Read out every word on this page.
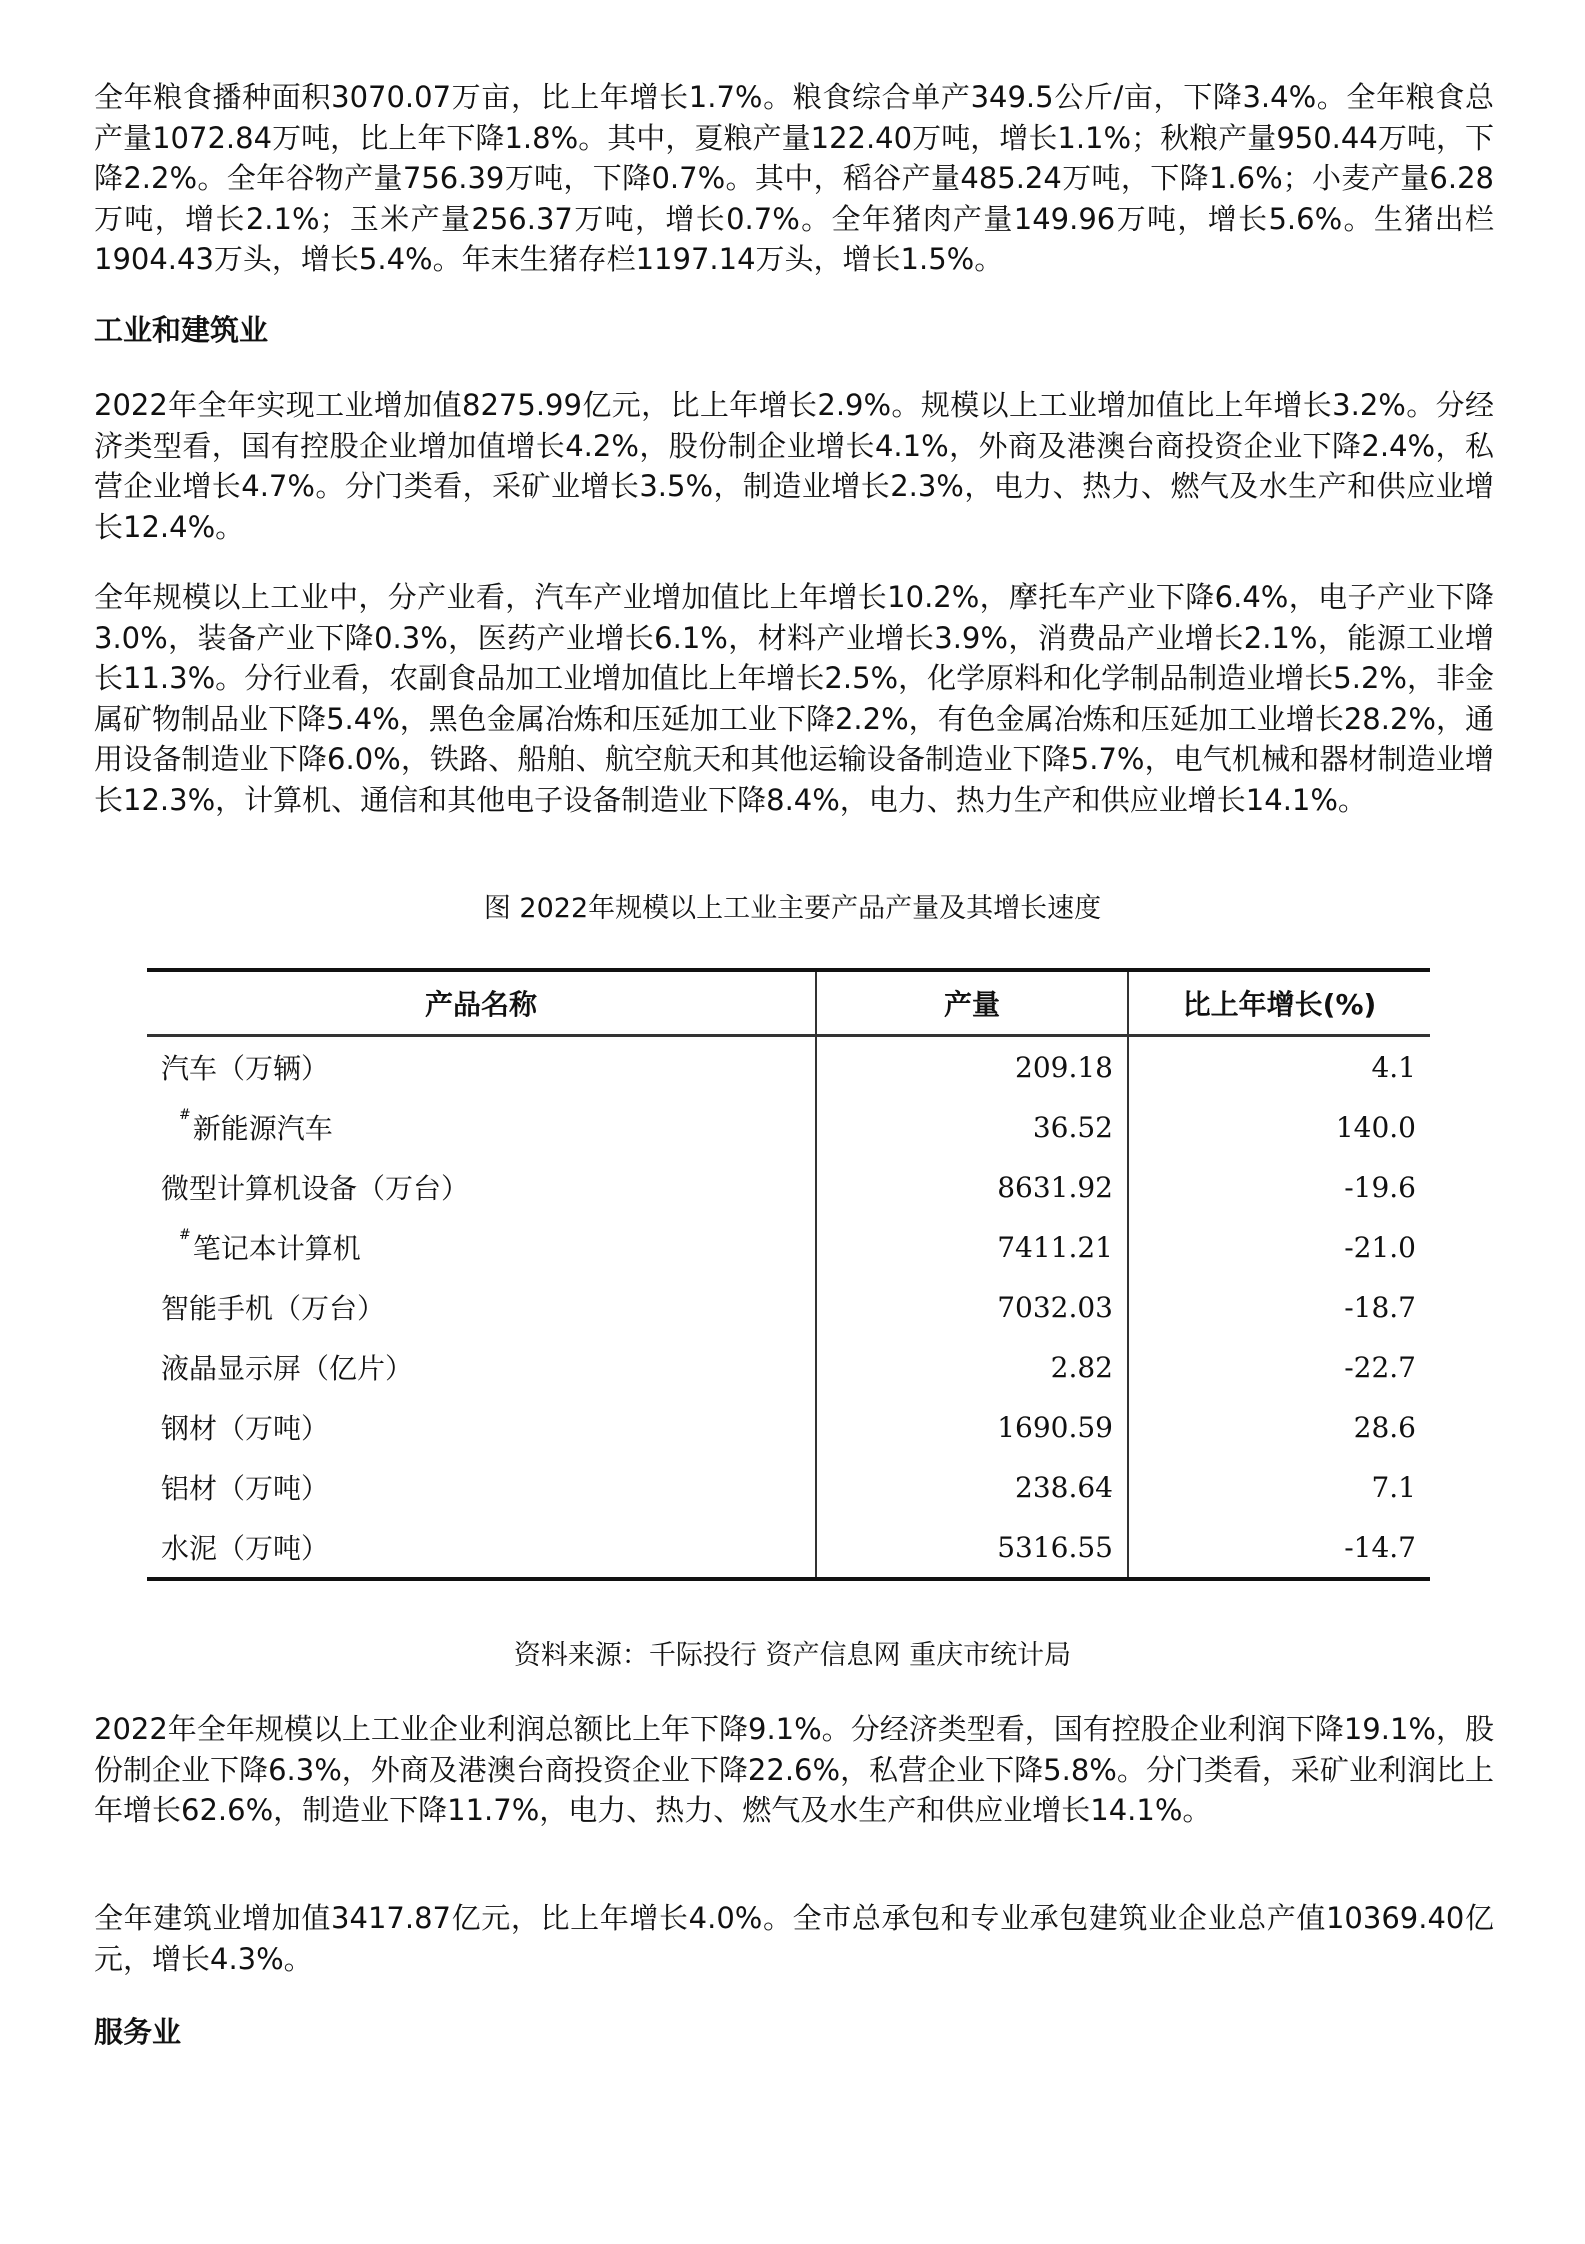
全年粮食播种面积3070.07万亩，比上年增长1.7%。粮食综合单产349.5公斤/亩，下降3.4%。全年粮食总产量1072.84万吨，比上年下降1.8%。其中，夏粮产量122.40万吨，增长1.1%；秋粮产量950.44万吨，下降2.2%。全年谷物产量756.39万吨，下降0.7%。其中，稻谷产量485.24万吨，下降1.6%；小麦产量6.28万吨，增长2.1%；玉米产量256.37万吨，增长0.7%。全年猪肉产量149.96万吨，增长5.6%。生猪出栏1904.43万头，增长5.4%。年末生猪存栏1197.14万头，增长1.5%。

工业和建筑业

2022年全年实现工业增加值8275.99亿元，比上年增长2.9%。规模以上工业增加值比上年增长3.2%。分经济类型看，国有控股企业增加值增长4.2%，股份制企业增长4.1%，外商及港澳台商投资企业下降2.4%，私营企业增长4.7%。分门类看，采矿业增长3.5%，制造业增长2.3%，电力、热力、燃气及水生产和供应业增长12.4%。

全年规模以上工业中，分产业看，汽车产业增加值比上年增长10.2%，摩托车产业下降6.4%，电子产业下降3.0%，装备产业下降0.3%，医药产业增长6.1%，材料产业增长3.9%，消费品产业增长2.1%，能源工业增长11.3%。分行业看，农副食品加工业增加值比上年增长2.5%，化学原料和化学制品制造业增长5.2%，非金属矿物制品业下降5.4%，黑色金属冶炼和压延加工业下降2.2%，有色金属冶炼和压延加工业增长28.2%，通用设备制造业下降6.0%，铁路、船舶、航空航天和其他运输设备制造业下降5.7%，电气机械和器材制造业增长12.3%，计算机、通信和其他电子设备制造业下降8.4%，电力、热力生产和供应业增长14.1%。

图 2022年规模以上工业主要产品产量及其增长速度

产品名称	产量	比上年增长(%)
汽车（万辆）	209.18	4.1
#新能源汽车	36.52	140.0
微型计算机设备（万台）	8631.92	-19.6
#笔记本计算机	7411.21	-21.0
智能手机（万台）	7032.03	-18.7
液晶显示屏（亿片）	2.82	-22.7
钢材（万吨）	1690.59	28.6
铝材（万吨）	238.64	7.1
水泥（万吨）	5316.55	-14.7

资料来源：千际投行 资产信息网 重庆市统计局

2022年全年规模以上工业企业利润总额比上年下降9.1%。分经济类型看，国有控股企业利润下降19.1%，股份制企业下降6.3%，外商及港澳台商投资企业下降22.6%，私营企业下降5.8%。分门类看，采矿业利润比上年增长62.6%，制造业下降11.7%，电力、热力、燃气及水生产和供应业增长14.1%。

全年建筑业增加值3417.87亿元，比上年增长4.0%。全市总承包和专业承包建筑业企业总产值10369.40亿元，增长4.3%。

服务业
